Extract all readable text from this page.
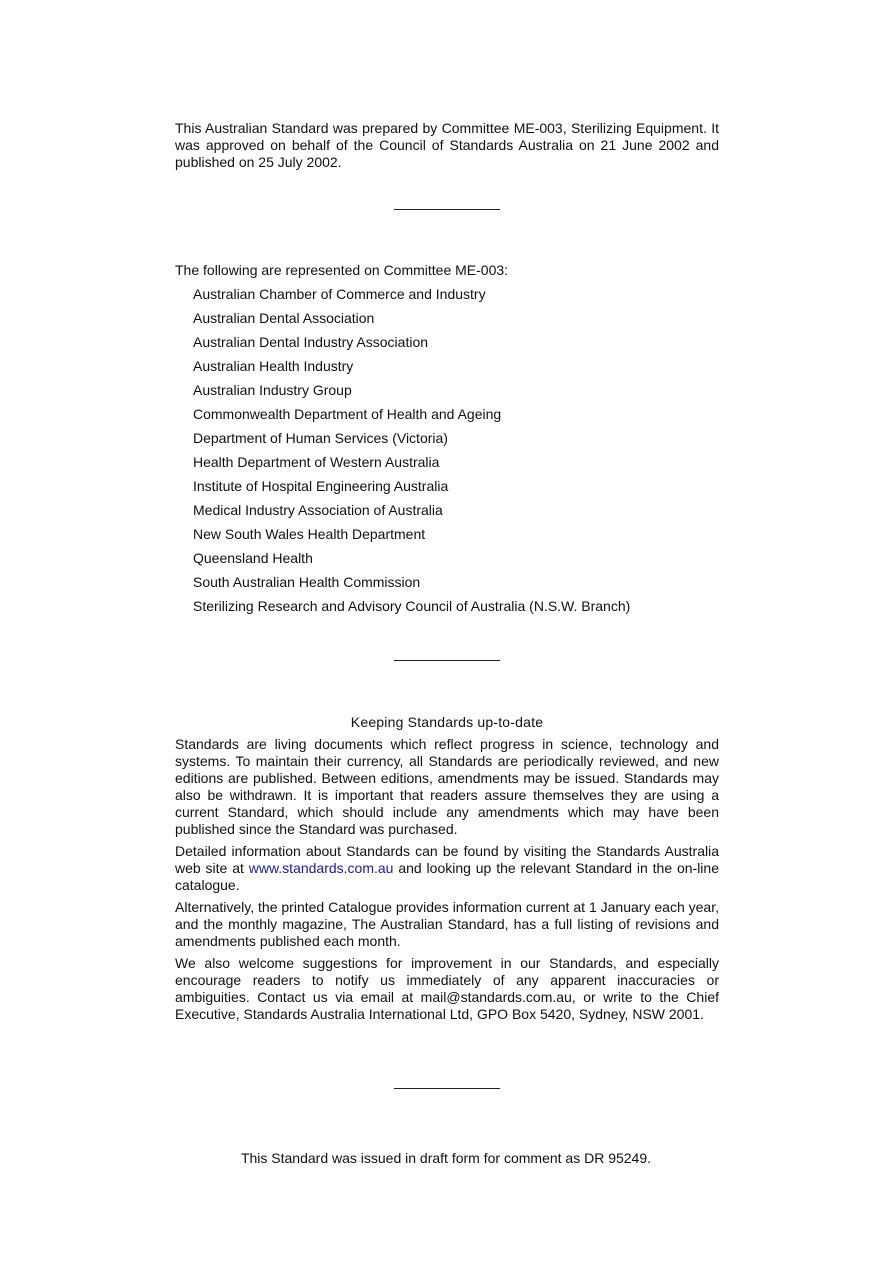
This Australian Standard was prepared by Committee ME-003, Sterilizing Equipment. It was approved on behalf of the Council of Standards Australia on 21 June 2002 and published on 25 July 2002.

The following are represented on Committee ME-003:

Australian Chamber of Commerce and Industry
Australian Dental Association
Australian Dental Industry Association
Australian Health Industry
Australian Industry Group
Commonwealth Department of Health and Ageing
Department of Human Services (Victoria)
Health Department of Western Australia
Institute of Hospital Engineering Australia
Medical Industry Association of Australia
New South Wales Health Department
Queensland Health
South Australian Health Commission
Sterilizing Research and Advisory Council of Australia (N.S.W. Branch)

Keeping Standards up-to-date

Standards are living documents which reflect progress in science, technology and systems. To maintain their currency, all Standards are periodically reviewed, and new editions are published. Between editions, amendments may be issued. Standards may also be withdrawn. It is important that readers assure themselves they are using a current Standard, which should include any amendments which may have been published since the Standard was purchased.

Detailed information about Standards can be found by visiting the Standards Australia web site at www.standards.com.au and looking up the relevant Standard in the on-line catalogue.

Alternatively, the printed Catalogue provides information current at 1 January each year, and the monthly magazine, The Australian Standard, has a full listing of revisions and amendments published each month.

We also welcome suggestions for improvement in our Standards, and especially encourage readers to notify us immediately of any apparent inaccuracies or ambiguities. Contact us via email at mail@standards.com.au, or write to the Chief Executive, Standards Australia International Ltd, GPO Box 5420, Sydney, NSW 2001.

This Standard was issued in draft form for comment as DR 95249.
